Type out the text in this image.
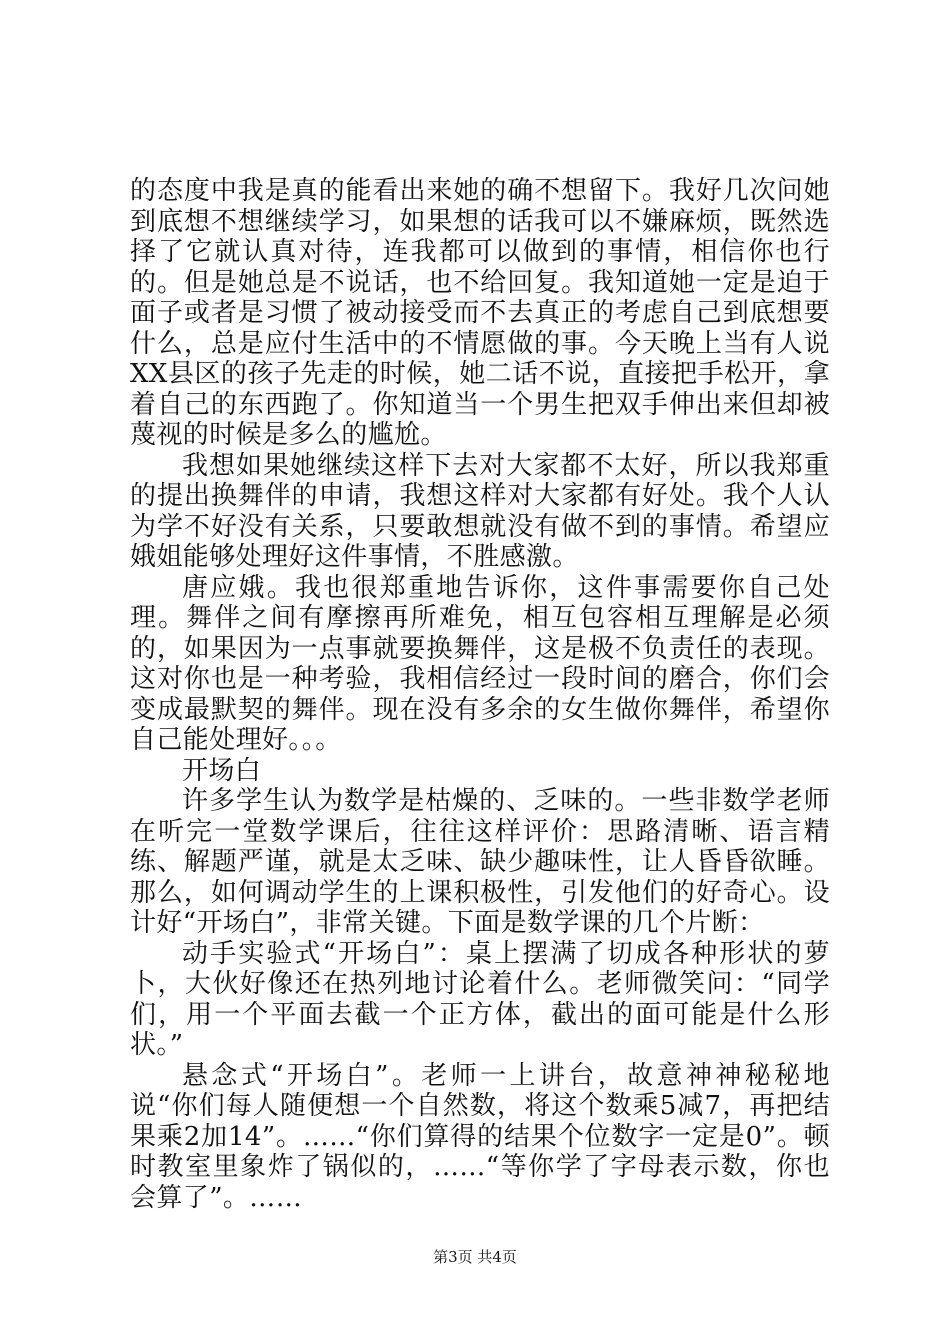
的态度中我是真的能看出来她的确不想留下。我好几次问她到底想不想继续学习，如果想的话我可以不嫌麻烦，既然选择了它就认真对待，连我都可以做到的事情，相信你也行的。但是她总是不说话，也不给回复。我知道她一定是迫于面子或者是习惯了被动接受而不去真正的考虑自己到底想要什么，总是应付生活中的不情愿做的事。今天晚上当有人说XX县区的孩子先走的时候，她二话不说，直接把手松开，拿着自己的东西跑了。你知道当一个男生把双手伸出来但却被蔑视的时候是多么的尴尬。

我想如果她继续这样下去对大家都不太好，所以我郑重的提出换舞伴的申请，我想这样对大家都有好处。我个人认为学不好没有关系，只要敢想就没有做不到的事情。希望应娥姐能够处理好这件事情，不胜感激。

唐应娥。我也很郑重地告诉你，这件事需要你自己处理。舞伴之间有摩擦再所难免，相互包容相互理解是必须的，如果因为一点事就要换舞伴，这是极不负责任的表现。这对你也是一种考验，我相信经过一段时间的磨合，你们会变成最默契的舞伴。现在没有多余的女生做你舞伴，希望你自己能处理好。。。

开场白

许多学生认为数学是枯燥的、乏味的。一些非数学老师在听完一堂数学课后，往往这样评价：思路清晰、语言精练、解题严谨，就是太乏味、缺少趣味性，让人昏昏欲睡。那么，如何调动学生的上课积极性，引发他们的好奇心。设计好“开场白”，非常关键。下面是数学课的几个片断：

动手实验式“开场白”：桌上摆满了切成各种形状的萝卜，大伙好像还在热列地讨论着什么。老师微笑问：“同学们，用一个平面去截一个正方体，截出的面可能是什么形状。”

悬念式“开场白”。老师一上讲台，故意神神秘秘地说“你们每人随便想一个自然数，将这个数乘5减7，再把结果乘2加14”。……“你们算得的结果个位数字一定是0”。顿时教室里象炸了锅似的，……“等你学了字母表示数，你也会算了”。……

第3页 共4页
